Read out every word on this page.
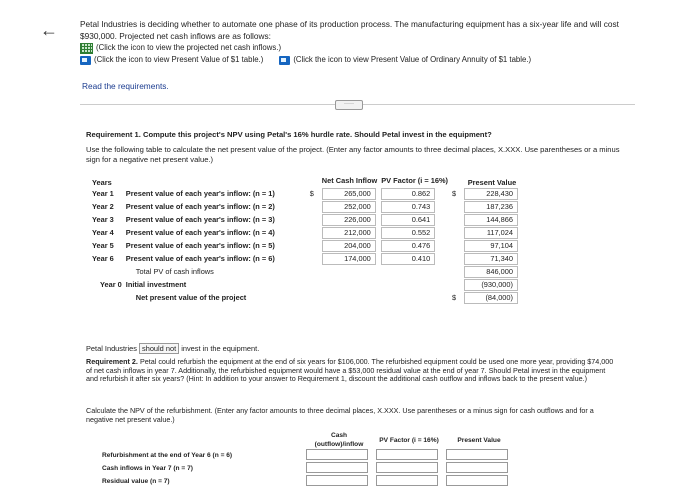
←	Petal Industries is deciding whether to automate one phase of its production process. The manufacturing equipment has a six-year life and will cost
$930,000. Projected net cash inflows are as follows:
(Click the icon to view the projected net cash inflows.)
(Click the icon to view Present Value of $1 table.)	(Click the icon to view Present Value of Ordinary Annuity of $1 table.)
Read the requirements.
·····
Requirement 1. Compute this project's NPV using Petal's 16% hurdle rate. Should Petal invest in the equipment?
Use the following table to calculate the net present value of the project. (Enter any factor amounts to three decimal places, X.XXX. Use parentheses or a minus sign for a negative net present value.)
Years			Net Cash Inflow	PV Factor (i = 16%)		Present Value
Year 1	Present value of each year's inflow: (n = 1)	$	265,000	0.862	$	228,430
Year 2	Present value of each year's inflow: (n = 2)		252,000	0.743		187,236
Year 3	Present value of each year's inflow: (n = 3)		226,000	0.641		144,866
Year 4	Present value of each year's inflow: (n = 4)		212,000	0.552		117,024
Year 5	Present value of each year's inflow: (n = 5)		204,000	0.476		97,104
Year 6	Present value of each year's inflow: (n = 6)		174,000	0.410		71,340
	Total PV of cash inflows					846,000
Year 0	Initial investment					(930,000)
	Net present value of the project				$	(84,000)
Petal Industries should not invest in the equipment.
Requirement 2. Petal could refurbish the equipment at the end of six years for $106,000. The refurbished equipment could be used one more year, providing $74,000 of net cash inflows in year 7. Additionally, the refurbished equipment would have a $53,000 residual value at the end of year 7. Should Petal invest in the equipment and refurbish it after six years? (Hint: In addition to your answer to Requirement 1, discount the additional cash outflow and inflows back to the present value.)
Calculate the NPV of the refurbishment. (Enter any factor amounts to three decimal places, X.XXX. Use parentheses or a minus sign for cash outflows and for a negative net present value.)
	Cash (outflow)/inflow	PV Factor (i = 16%)	Present Value
Refurbishment at the end of Year 6 (n = 6)			
Cash inflows in Year 7 (n = 7)			
Residual value (n = 7)			
